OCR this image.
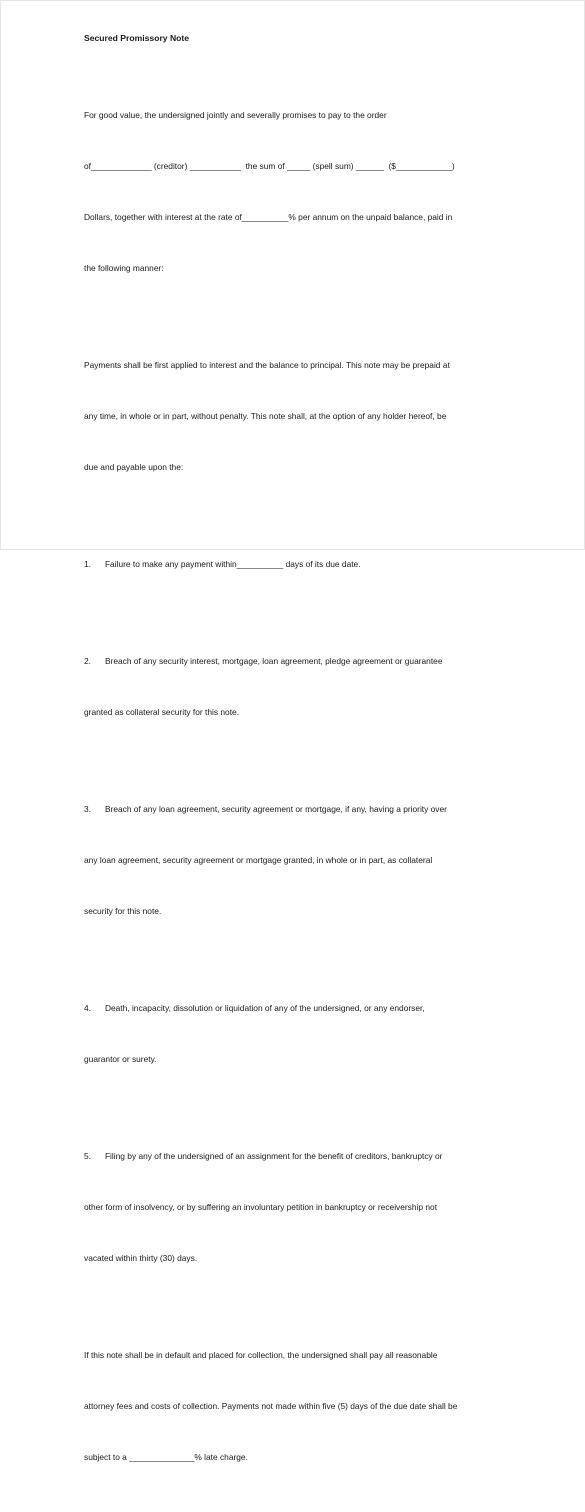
Secured Promissory Note

For good value, the undersigned jointly and severally promises to pay to the order

of_____________ (creditor) ___________  the sum of _____ (spell sum) ______  ($____________)

Dollars, together with interest at the rate of__________% per annum on the unpaid balance, paid in

the following manner:

Payments shall be first applied to interest and the balance to principal. This note may be prepaid at

any time, in whole or in part, without penalty. This note shall, at the option of any holder hereof, be

due and payable upon the:

1.      Failure to make any payment within__________ days of its due date.

2.      Breach of any security interest, mortgage, loan agreement, pledge agreement or guarantee

granted as collateral security for this note.

3.      Breach of any loan agreement, security agreement or mortgage, if any, having a priority over

any loan agreement, security agreement or mortgage granted, in whole or in part, as collateral

security for this note.

4.      Death, incapacity, dissolution or liquidation of any of the undersigned, or any endorser,

guarantor or surety.

5.      Filing by any of the undersigned of an assignment for the benefit of creditors, bankruptcy or

other form of insolvency, or by suffering an involuntary petition in bankruptcy or receivership not

vacated within thirty (30) days.

If this note shall be in default and placed for collection, the undersigned shall pay all reasonable

attorney fees and costs of collection. Payments not made within five (5) days of the due date shall be

subject to a ______________% late charge.
